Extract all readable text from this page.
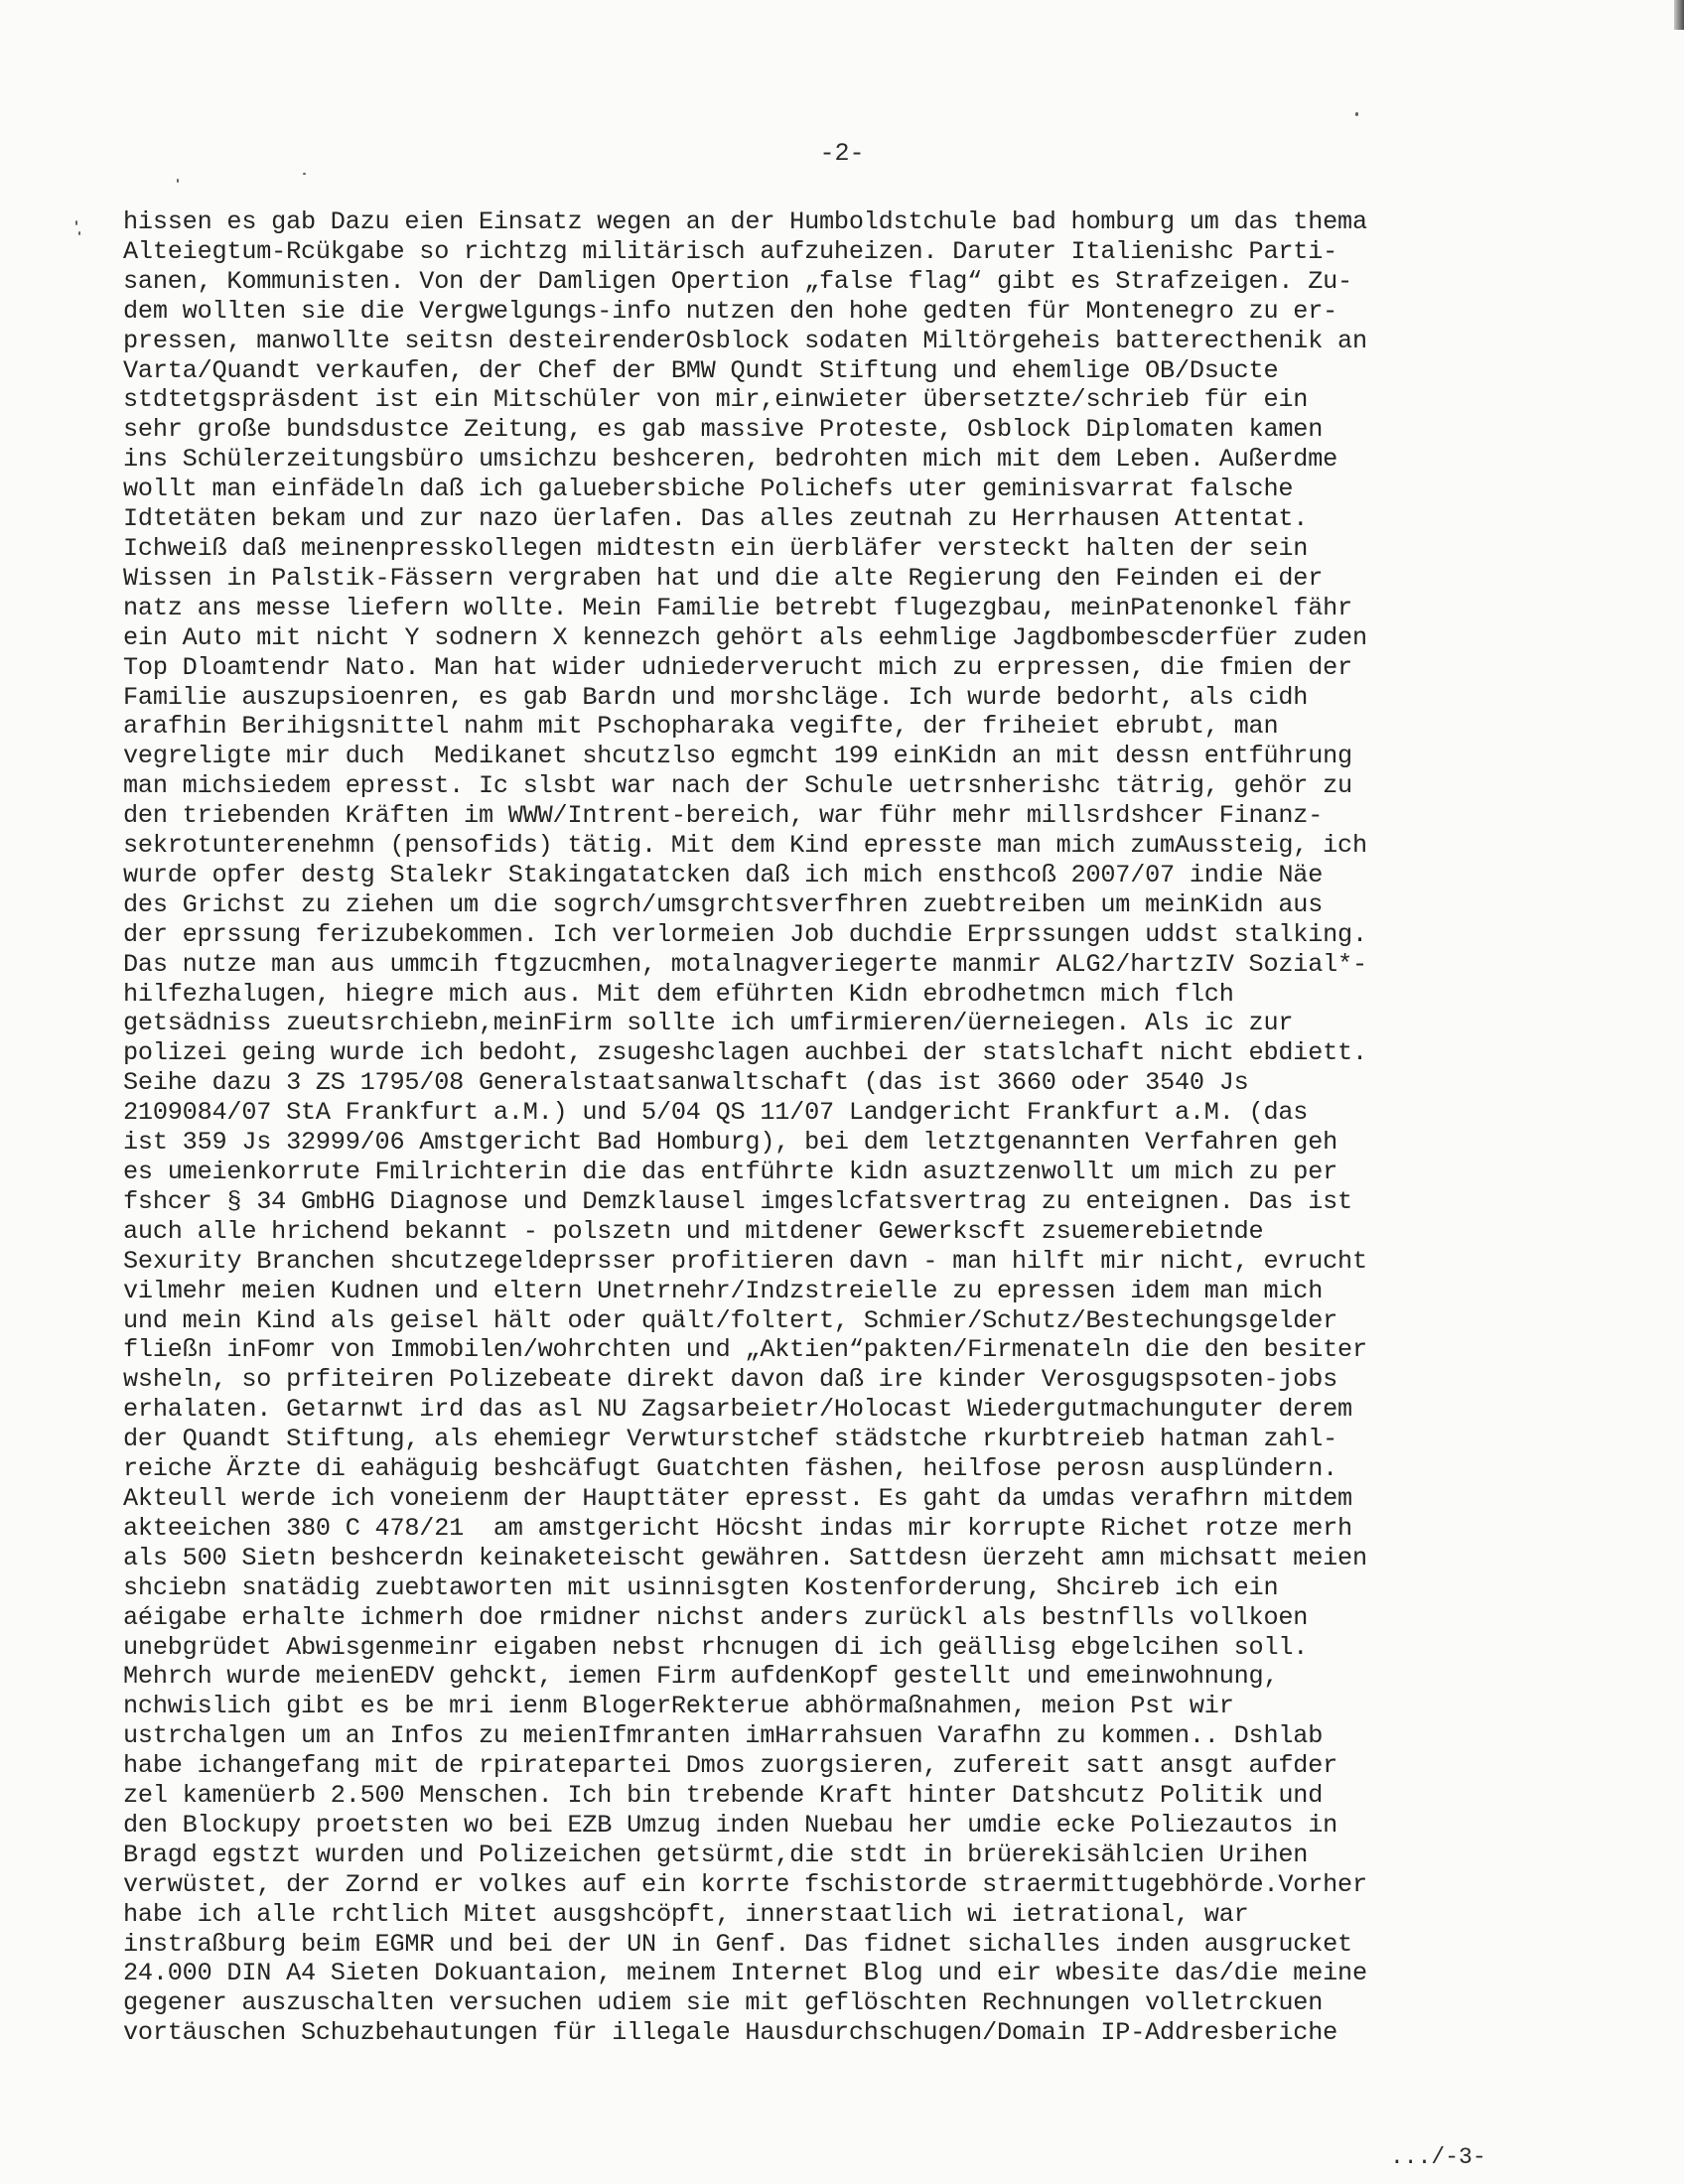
-2-
hissen es gab Dazu eien Einsatz wegen an der Humboldstchule bad homburg um das thema
Alteiegtum-Rcükgabe so richtzg militärisch aufzuheizen. Daruter Italienishc Parti-
sanen, Kommunisten. Von der Damligen Opertion „false flag“ gibt es Strafzeigen. Zu-
dem wollten sie die Vergwelgungs-info nutzen den hohe gedten für Montenegro zu er-
pressen, manwollte seitsn desteirenderOsblock sodaten Miltörgeheis batterecthenik an
Varta/Quandt verkaufen, der Chef der BMW Qundt Stiftung und ehemlige OB/Dsucte
stdtetgspräsdent ist ein Mitschüler von mir,einwieter übersetzte/schrieb für ein
sehr große bundsdustce Zeitung, es gab massive Proteste, Osblock Diplomaten kamen
ins Schülerzeitungsbüro umsichzu beshceren, bedrohten mich mit dem Leben. Außerdme
wollt man einfädeln daß ich galuebersbiche Polichefs uter geminisvarrat falsche
Idtetäten bekam und zur nazo üerlafen. Das alles zeutnah zu Herrhausen Attentat.
Ichweiß daß meinenpresskollegen midtestn ein üerbläfer versteckt halten der sein
Wissen in Palstik-Fässern vergraben hat und die alte Regierung den Feinden ei der
natz ans messe liefern wollte. Mein Familie betrebt flugezgbau, meinPatenonkel fähr
ein Auto mit nicht Y sodnern X kennezch gehört als eehmlige Jagdbombescderfüer zuden
Top Dloamtendr Nato. Man hat wider udniederverucht mich zu erpressen, die fmien der
Familie auszupsioenren, es gab Bardn und morshcläge. Ich wurde bedorht, als cidh
arafhin Berihigsnittel nahm mit Pschopharaka vegifte, der friheiet ebrubt, man
vegreligte mir duch  Medikanet shcutzlso egmcht 199 einKidn an mit dessn entführung
man michsiedem epresst. Ic slsbt war nach der Schule uetrsnherishc tätrig, gehör zu
den triebenden Kräften im WWW/Intrent-bereich, war führ mehr millsrdshcer Finanz-
sekrotunterenehmn (pensofids) tätig. Mit dem Kind epresste man mich zumAussteig, ich
wurde opfer destg Stalekr Stakingatatcken daß ich mich ensthcoß 2007/07 indie Näe
des Grichst zu ziehen um die sogrch/umsgrchtsverfhren zuebtreiben um meinKidn aus
der eprssung ferizubekommen. Ich verlormeien Job duchdie Erprssungen uddst stalking.
Das nutze man aus ummcih ftgzucmhen, motalnagveriegerte manmir ALG2/hartzIV Sozial*-
hilfezhalugen, hiegre mich aus. Mit dem eführten Kidn ebrodhetmcn mich flch
getsädniss zueutsrchiebn,meinFirm sollte ich umfirmieren/üerneiegen. Als ic zur
polizei geing wurde ich bedoht, zsugeshclagen auchbei der statslchaft nicht ebdiett.
Seihe dazu 3 ZS 1795/08 Generalstaatsanwaltschaft (das ist 3660 oder 3540 Js
2109084/07 StA Frankfurt a.M.) und 5/04 QS 11/07 Landgericht Frankfurt a.M. (das
ist 359 Js 32999/06 Amstgericht Bad Homburg), bei dem letztgenannten Verfahren geh
es umeienkorrute Fmilrichterin die das entführte kidn asuztzenwollt um mich zu per
fshcer § 34 GmbHG Diagnose und Demzklausel imgeslcfatsvertrag zu enteignen. Das ist
auch alle hrichend bekannt - polszetn und mitdener Gewerkscft zsuemerebietnde
Sexurity Branchen shcutzegeldeprsser profitieren davn - man hilft mir nicht, evrucht
vilmehr meien Kudnen und eltern Unetrnehr/Indzstreielle zu epressen idem man mich
und mein Kind als geisel hält oder quält/foltert, Schmier/Schutz/Bestechungsgelder
fließn inFomr von Immobilen/wohrchten und „Aktien“pakten/Firmenateln die den besiter
wsheln, so prfiteiren Polizebeate direkt davon daß ire kinder Verosgugspsoten-jobs
erhalaten. Getarnwt ird das asl NU Zagsarbeietr/Holocast Wiedergutmachunguter derem
der Quandt Stiftung, als ehemiegr Verwturstchef städstche rkurbtreieb hatman zahl-
reiche Ärzte di eahäguig beshcäfugt Guatchten fäshen, heilfose perosn ausplündern.
Akteull werde ich voneienm der Haupttäter epresst. Es gaht da umdas verafhrn mitdem
akteeichen 380 C 478/21  am amstgericht Höcsht indas mir korrupte Richet rotze merh
als 500 Sietn beshcerdn keinaketeischt gewähren. Sattdesn üerzeht amn michsatt meien
shciebn snatädig zuebtaworten mit usinnisgten Kostenforderung, Shcireb ich ein
aéigabe erhalte ichmerh doe rmidner nichst anders zurückl als bestnflls vollkoen
unebgrüdet Abwisgenmeinr eigaben nebst rhcnugen di ich geällisg ebgelcihen soll.
Mehrch wurde meienEDV gehckt, iemen Firm aufdenKopf gestellt und emeinwohnung,
nchwislich gibt es be mri ienm BlogerRekterue abhörmaßnahmen, meion Pst wir
ustrchalgen um an Infos zu meienIfmranten imHarrahsuen Varafhn zu kommen.. Dshlab
habe ichangefang mit de rpiratepartei Dmos zuorgsieren, zufereit satt ansgt aufder
zel kamenüerb 2.500 Menschen. Ich bin trebende Kraft hinter Datshcutz Politik und
den Blockupy proetsten wo bei EZB Umzug inden Nuebau her umdie ecke Poliezautos in
Bragd egstzt wurden und Polizeichen getsürmt,die stdt in brüerekisählcien Urihen
verwüstet, der Zornd er volkes auf ein korrte fschistorde straermittugebhörde.Vorher
habe ich alle rchtlich Mitet ausgshcöpft, innerstaatlich wi ietrational, war
instraßburg beim EGMR und bei der UN in Genf. Das fidnet sichalles inden ausgrucket
24.000 DIN A4 Sieten Dokuantaion, meinem Internet Blog und eir wbesite das/die meine
gegener auszuschalten versuchen udiem sie mit geflöschten Rechnungen volletrckuen
vortäuschen Schuzbehautungen für illegale Hausdurchschugen/Domain IP-Addresberiche
.../-3-
